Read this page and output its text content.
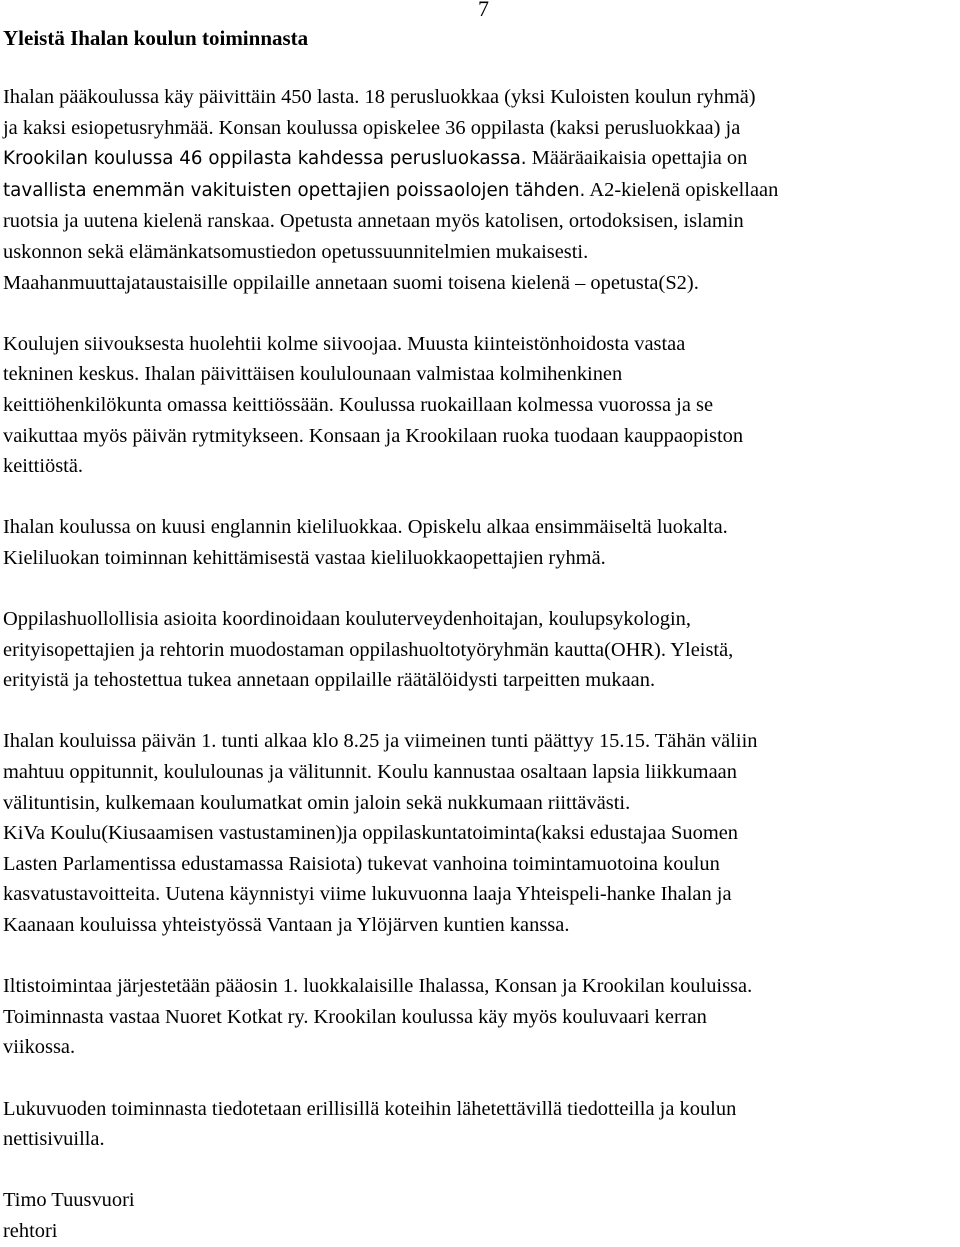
7
Yleistä Ihalan koulun toiminnasta
Ihalan pääkoulussa käy päivittäin 450 lasta. 18 perusluokkaa (yksi Kuloisten koulun ryhmä)
ja kaksi esiopetusryhmää. Konsan koulussa opiskelee 36 oppilasta (kaksi perusluokkaa) ja
Krookilan koulussa 46 oppilasta kahdessa perusluokassa. Määräaikaisia opettajia on
tavallista enemmän vakituisten opettajien poissaolojen tähden. A2-kielenä opiskellaan
ruotsia ja uutena kielenä ranskaa. Opetusta annetaan myös katolisen, ortodoksisen, islamin
uskonnon sekä elämänkatsomustiedon opetussuunnitelmien mukaisesti.
Maahanmuuttajataustaisille oppilaille annetaan suomi toisena kielenä – opetusta(S2).
Koulujen siivouksesta huolehtii kolme siivoojaa. Muusta kiinteistönhoidosta vastaa
tekninen keskus. Ihalan päivittäisen koululounaan valmistaa kolmihenkinen
keittiöhenkilökunta omassa keittiössään. Koulussa ruokaillaan kolmessa vuorossa ja se
vaikuttaa myös päivän rytmitykseen. Konsaan ja Krookilaan ruoka tuodaan kauppaopiston
keittiöstä.
Ihalan koulussa on kuusi englannin kieliluokkaa. Opiskelu alkaa ensimmäiseltä luokalta.
Kieliluokan toiminnan kehittämisestä vastaa kieliluokkaopettajien ryhmä.
Oppilashuollollisia asioita koordinoidaan kouluterveydenhoitajan, koulupsykologin,
erityisopettajien ja rehtorin muodostaman oppilashuoltotyöryhmän kautta(OHR). Yleistä,
erityistä ja tehostettua tukea annetaan oppilaille räätälöidysti tarpeitten mukaan.
Ihalan kouluissa päivän 1. tunti alkaa klo 8.25 ja viimeinen tunti päättyy 15.15. Tähän väliin
mahtuu oppitunnit, koululounas ja välitunnit. Koulu kannustaa osaltaan lapsia liikkumaan
välituntisin, kulkemaan koulumatkat omin jaloin sekä nukkumaan riittävästi.
KiVa Koulu(Kiusaamisen vastustaminen)ja oppilaskuntatoiminta(kaksi edustajaa Suomen
Lasten Parlamentissa edustamassa Raisiota) tukevat vanhoina toimintamuotoina koulun
kasvatustavoitteita. Uutena käynnistyi viime lukuvuonna laaja Yhteispeli-hanke Ihalan ja
Kaanaan kouluissa yhteistyössä Vantaan ja Ylöjärven kuntien kanssa.
Iltistoimintaa järjestetään pääosin 1. luokkalaisille Ihalassa, Konsan ja Krookilan kouluissa.
Toiminnasta vastaa Nuoret Kotkat ry. Krookilan koulussa käy myös kouluvaari kerran
viikossa.
Lukuvuoden toiminnasta tiedotetaan erillisillä koteihin lähetettävillä tiedotteilla ja koulun
nettisivuilla.
Timo Tuusvuori
rehtori
